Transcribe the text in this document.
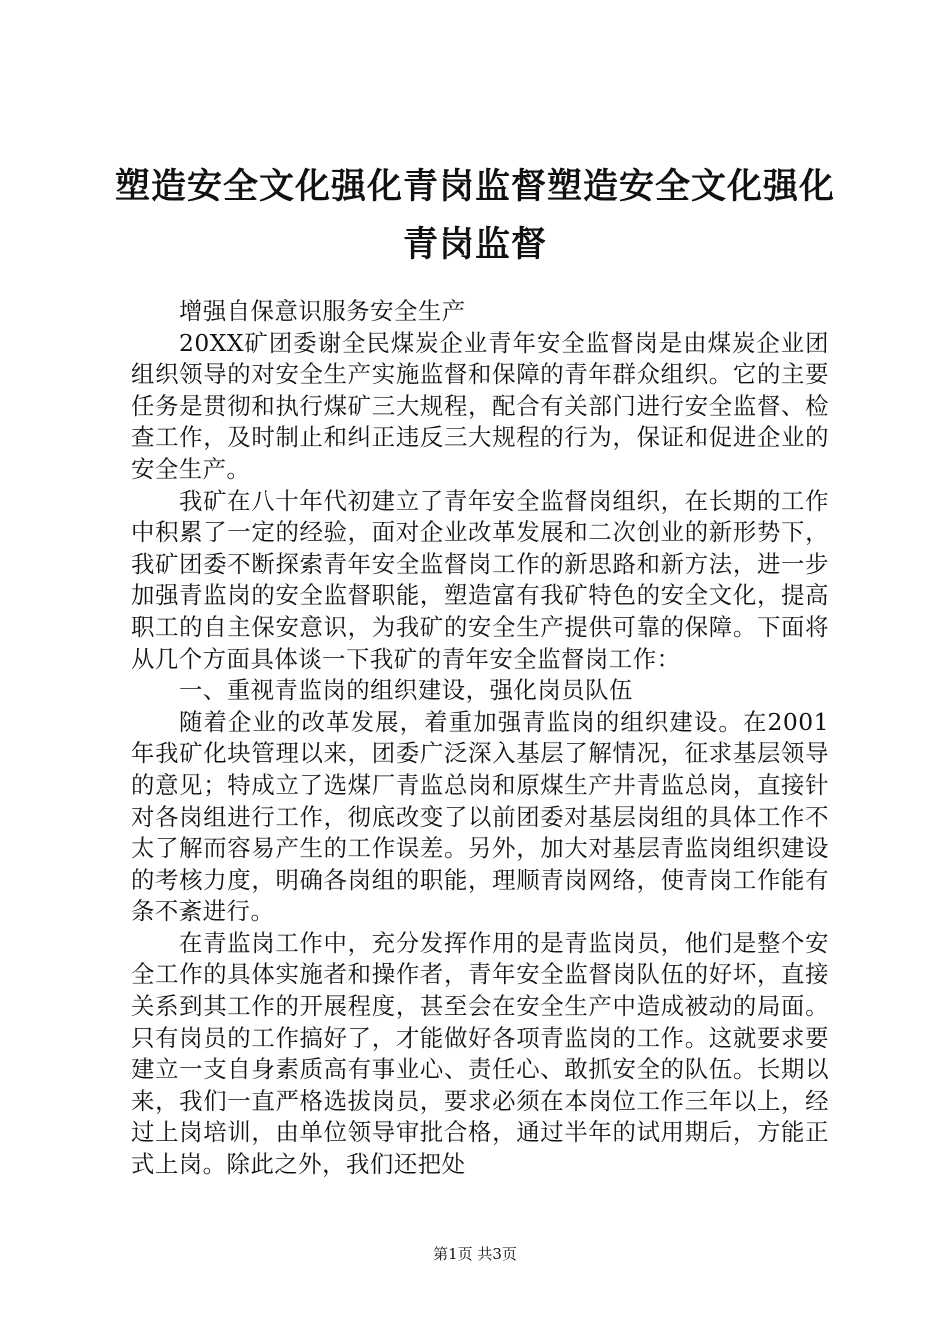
塑造安全文化强化青岗监督塑造安全文化强化青岗监督

增强自保意识服务安全生产

20XX矿团委谢全民煤炭企业青年安全监督岗是由煤炭企业团组织领导的对安全生产实施监督和保障的青年群众组织。它的主要任务是贯彻和执行煤矿三大规程，配合有关部门进行安全监督、检查工作，及时制止和纠正违反三大规程的行为，保证和促进企业的安全生产。

我矿在八十年代初建立了青年安全监督岗组织，在长期的工作中积累了一定的经验，面对企业改革发展和二次创业的新形势下，我矿团委不断探索青年安全监督岗工作的新思路和新方法，进一步加强青监岗的安全监督职能，塑造富有我矿特色的安全文化，提高职工的自主保安意识，为我矿的安全生产提供可靠的保障。下面将从几个方面具体谈一下我矿的青年安全监督岗工作：

一、重视青监岗的组织建设，强化岗员队伍

随着企业的改革发展，着重加强青监岗的组织建设。在2001年我矿化块管理以来，团委广泛深入基层了解情况，征求基层领导的意见；特成立了选煤厂青监总岗和原煤生产井青监总岗，直接针对各岗组进行工作，彻底改变了以前团委对基层岗组的具体工作不太了解而容易产生的工作误差。另外，加大对基层青监岗组织建设的考核力度，明确各岗组的职能，理顺青岗网络，使青岗工作能有条不紊进行。

在青监岗工作中，充分发挥作用的是青监岗员，他们是整个安全工作的具体实施者和操作者，青年安全监督岗队伍的好坏，直接关系到其工作的开展程度，甚至会在安全生产中造成被动的局面。只有岗员的工作搞好了，才能做好各项青监岗的工作。这就要求要建立一支自身素质高有事业心、责任心、敢抓安全的队伍。长期以来，我们一直严格选拔岗员，要求必须在本岗位工作三年以上，经过上岗培训，由单位领导审批合格，通过半年的试用期后，方能正式上岗。除此之外，我们还把处

第1页 共3页
